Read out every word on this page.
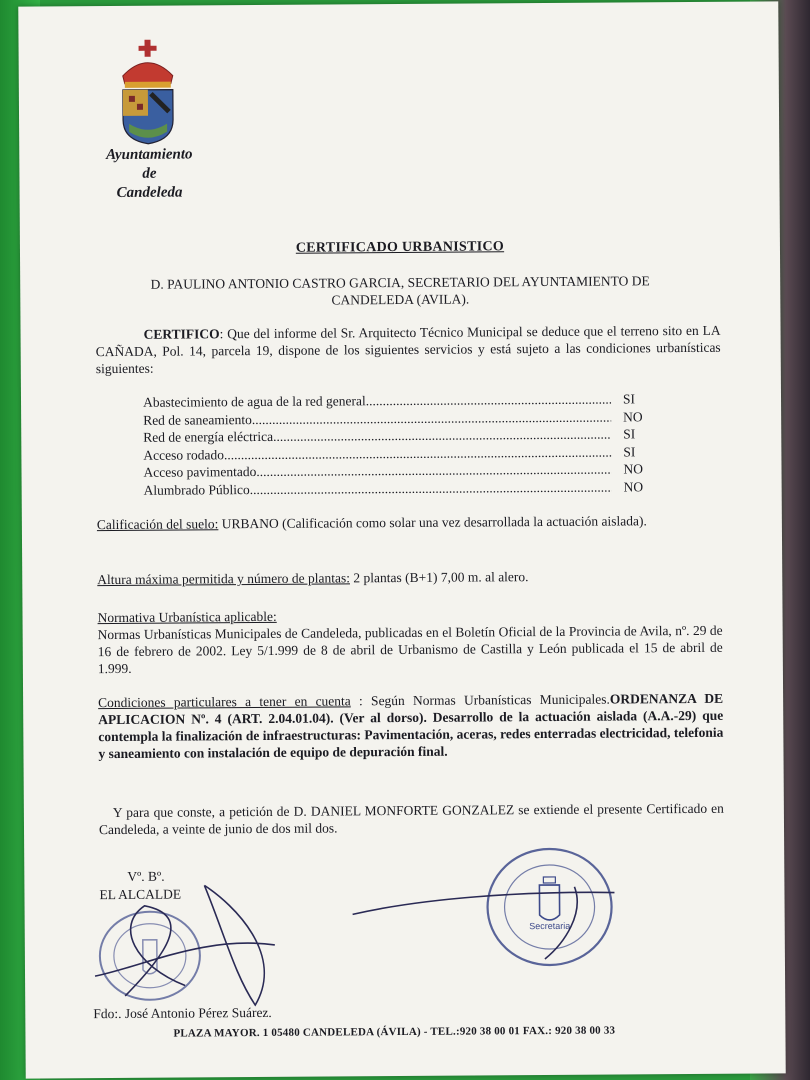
Ayuntamiento
de
Candeleda
CERTIFICADO URBANISTICO
D. PAULINO ANTONIO CASTRO GARCIA, SECRETARIO DEL AYUNTAMIENTO DE CANDELEDA (AVILA).
CERTIFICO: Que del informe del Sr. Arquitecto Técnico Municipal se deduce que el terreno sito en LA CAÑADA, Pol. 14, parcela 19, dispone de los siguientes servicios y está sujeto a las condiciones urbanísticas siguientes:
Abastecimiento de agua de la red general .....	SI
Red de saneamiento .....	NO
Red de energía eléctrica .....	SI
Acceso rodado .....	SI
Acceso pavimentado .....	NO
Alumbrado Público .....	NO
Calificación del suelo: URBANO (Calificación como solar una vez desarrollada la actuación aislada).
Altura máxima permitida y número de plantas: 2 plantas (B+1) 7,00 m. al alero.
Normativa Urbanística aplicable:
Normas Urbanísticas Municipales de Candeleda, publicadas en el Boletín Oficial de la Provincia de Avila, nº. 29 de 16 de febrero de 2002. Ley 5/1.999 de 8 de abril de Urbanismo de Castilla y León publicada el 15 de abril de 1.999.
Condiciones particulares a tener en cuenta : Según Normas Urbanísticas Municipales.ORDENANZA DE APLICACION Nº. 4 (ART. 2.04.01.04). (Ver al dorso). Desarrollo de la actuación aislada (A.A.-29) que contempla la finalización de infraestructuras: Pavimentación, aceras, redes enterradas electricidad, telefonia y saneamiento con instalación de equipo de depuración final.
Y para que conste, a petición de D. DANIEL MONFORTE GONZALEZ se extiende el presente Certificado en Candeleda, a veinte de junio de dos mil dos.
Vº. Bº.
EL ALCALDE
Secretaria
Fdo:. José Antonio Pérez Suárez.
PLAZA MAYOR. 1 05480 CANDELEDA (ÁVILA) - TEL.:920 38 00 01 FAX.: 920 38 00 33
